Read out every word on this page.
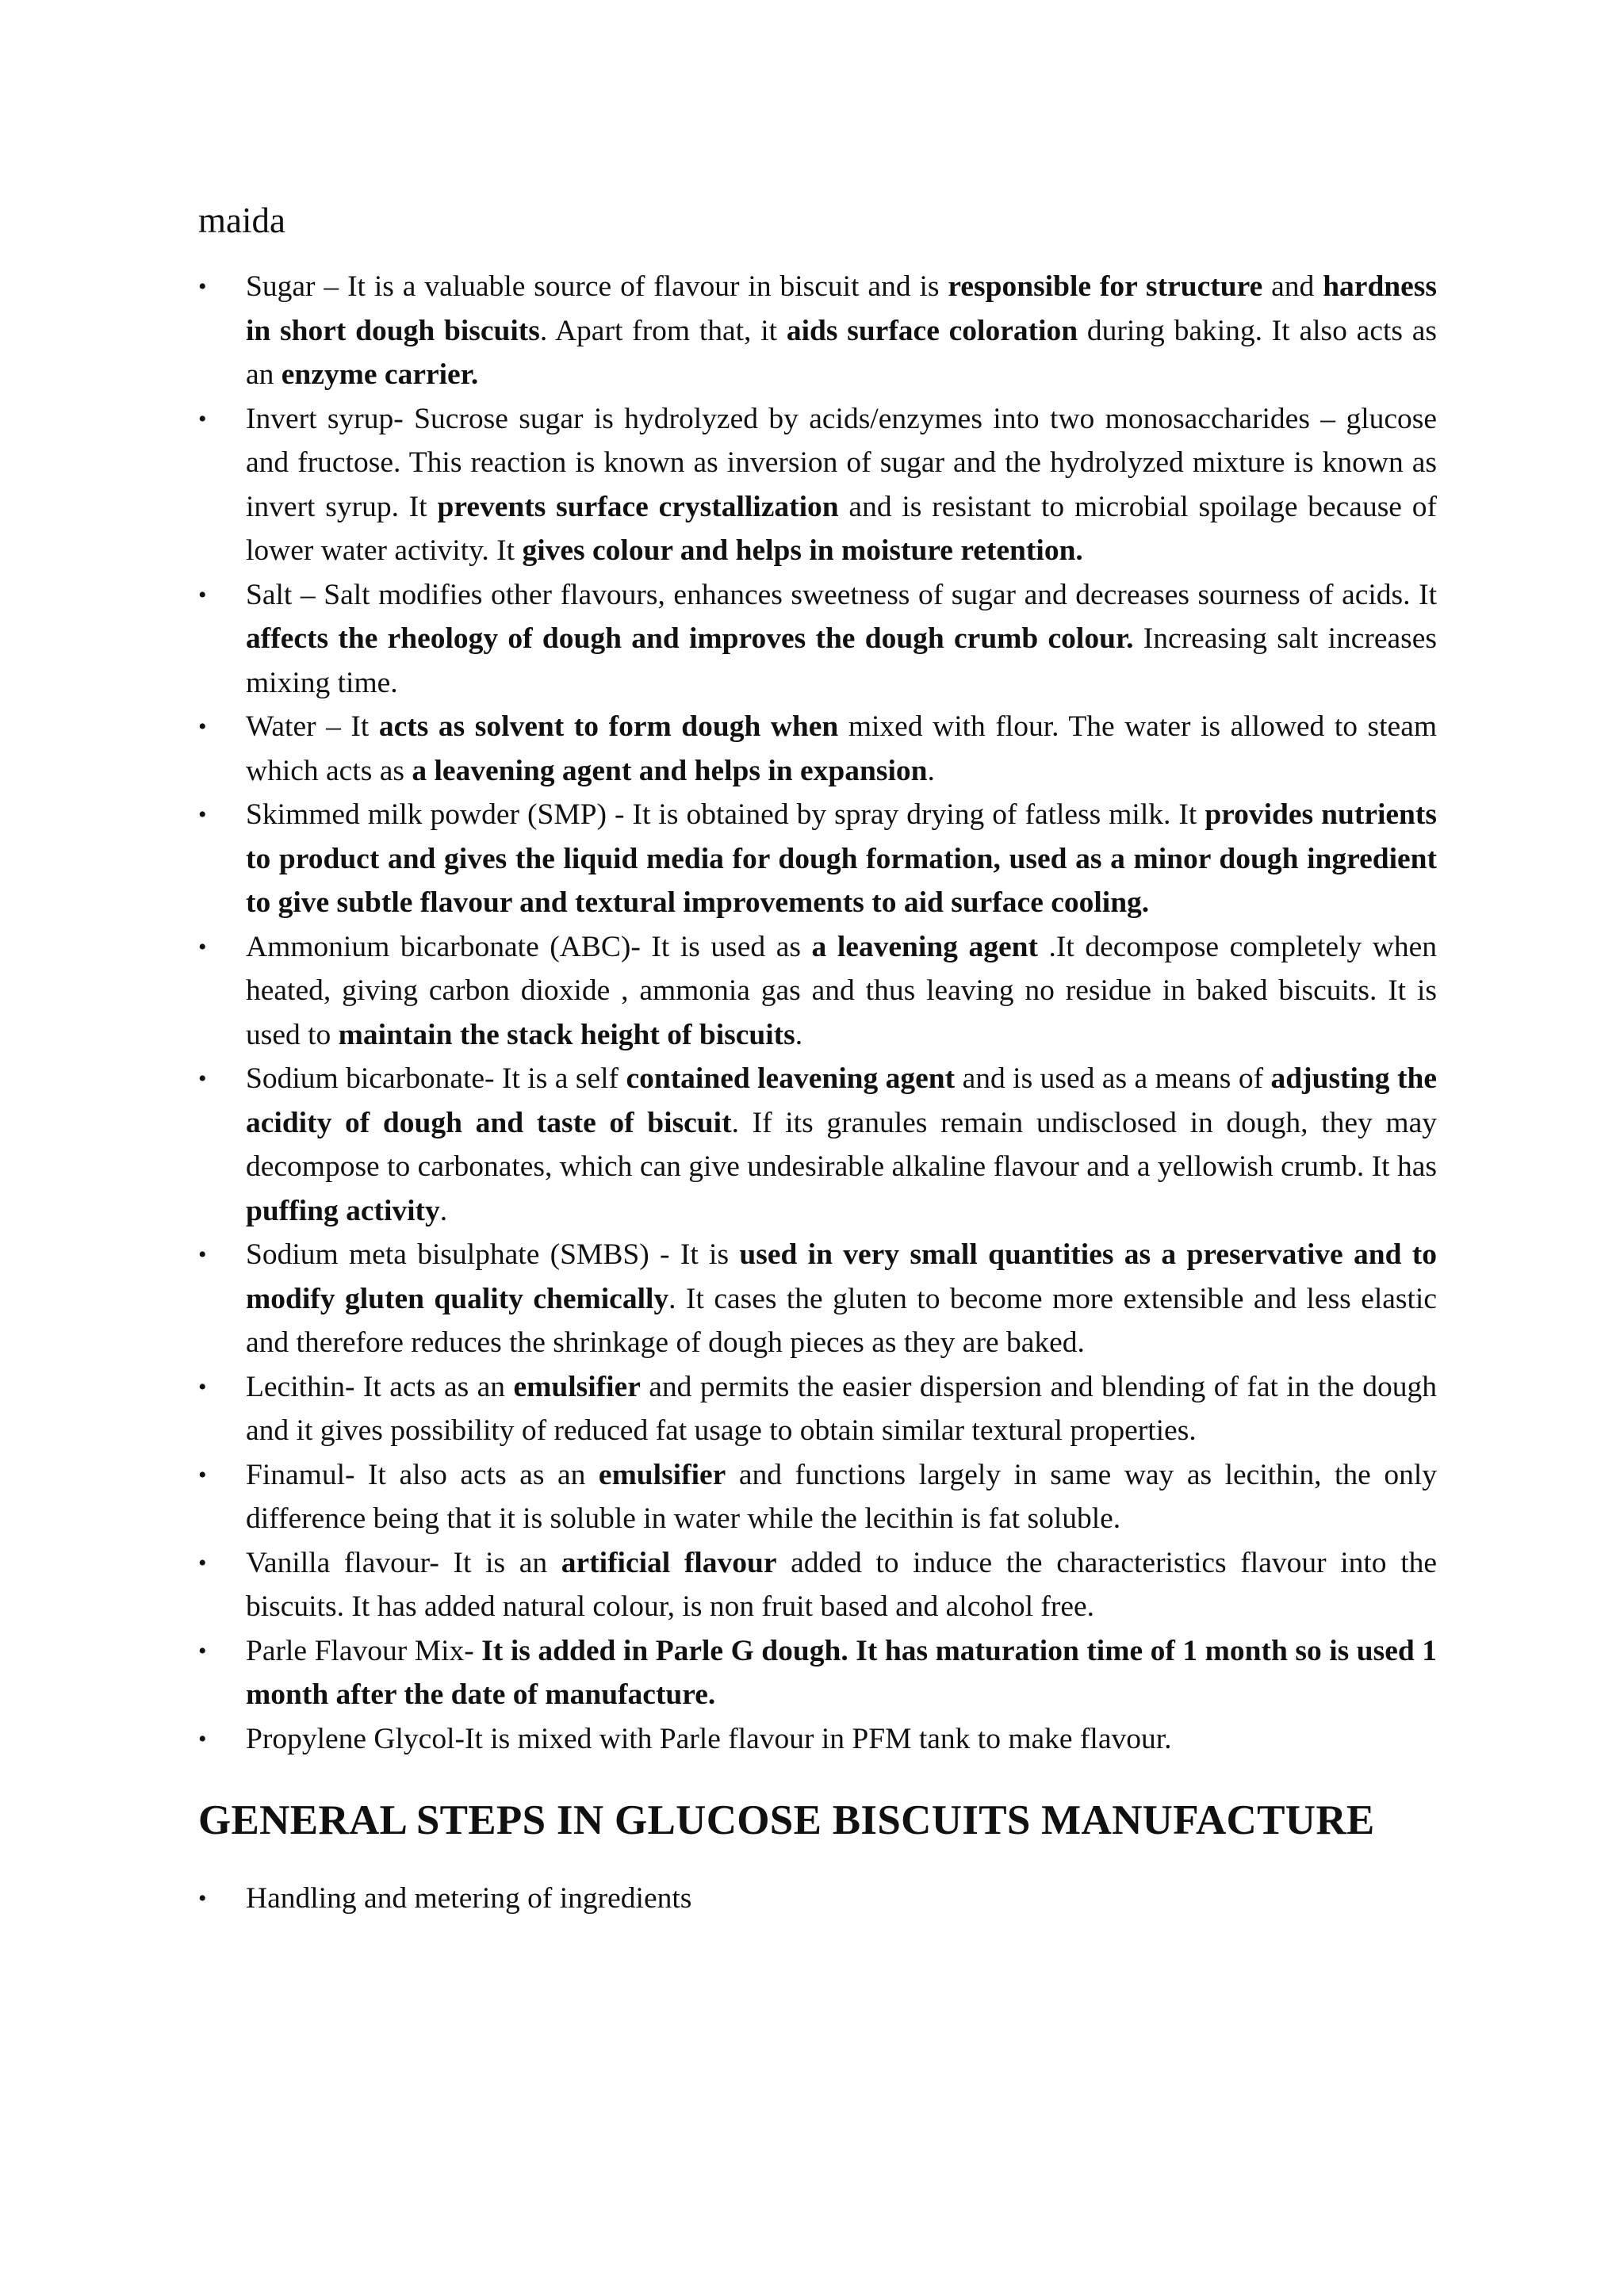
maida

•	Sugar – It is a valuable source of flavour in biscuit and is responsible for structure and hardness in short dough biscuits. Apart from that, it aids surface coloration during baking. It also acts as an enzyme carrier.
•	Invert syrup- Sucrose sugar is hydrolyzed by acids/enzymes into two monosaccharides – glucose and fructose. This reaction is known as inversion of sugar and the hydrolyzed mixture is known as invert syrup. It prevents surface crystallization and is resistant to microbial spoilage because of lower water activity. It gives colour and helps in moisture retention.
•	Salt – Salt modifies other flavours, enhances sweetness of sugar and decreases sourness of acids. It affects the rheology of dough and improves the dough crumb colour. Increasing salt increases mixing time.
•	Water – It acts as solvent to form dough when mixed with flour. The water is allowed to steam which acts as a leavening agent and helps in expansion.
•	Skimmed milk powder (SMP) - It is obtained by spray drying of fatless milk. It provides nutrients to product and gives the liquid media for dough formation, used as a minor dough ingredient to give subtle flavour and textural improvements to aid surface cooling.
•	Ammonium bicarbonate (ABC)- It is used as a leavening agent .It decompose completely when heated, giving carbon dioxide , ammonia gas and thus leaving no residue in baked biscuits. It is used to maintain the stack height of biscuits.
•	Sodium bicarbonate- It is a self contained leavening agent and is used as a means of adjusting the acidity of dough and taste of biscuit. If its granules remain undisclosed in dough, they may decompose to carbonates, which can give undesirable alkaline flavour and a yellowish crumb. It has puffing activity.
•	Sodium meta bisulphate (SMBS) - It is used in very small quantities as a preservative and to modify gluten quality chemically. It cases the gluten to become more extensible and less elastic and therefore reduces the shrinkage of dough pieces as they are baked.
•	Lecithin- It acts as an emulsifier and permits the easier dispersion and blending of fat in the dough and it gives possibility of reduced fat usage to obtain similar textural properties.
•	Finamul- It also acts as an emulsifier and functions largely in same way as lecithin, the only difference being that it is soluble in water while the lecithin is fat soluble.
•	Vanilla flavour- It is an artificial flavour added to induce the characteristics flavour into the biscuits. It has added natural colour, is non fruit based and alcohol free.
•	Parle Flavour Mix- It is added in Parle G dough. It has maturation time of 1 month so is used 1 month after the date of manufacture.
•	Propylene Glycol-It is mixed with Parle flavour in PFM tank to make flavour.
GENERAL STEPS IN GLUCOSE BISCUITS MANUFACTURE
• Handling and metering of ingredients
